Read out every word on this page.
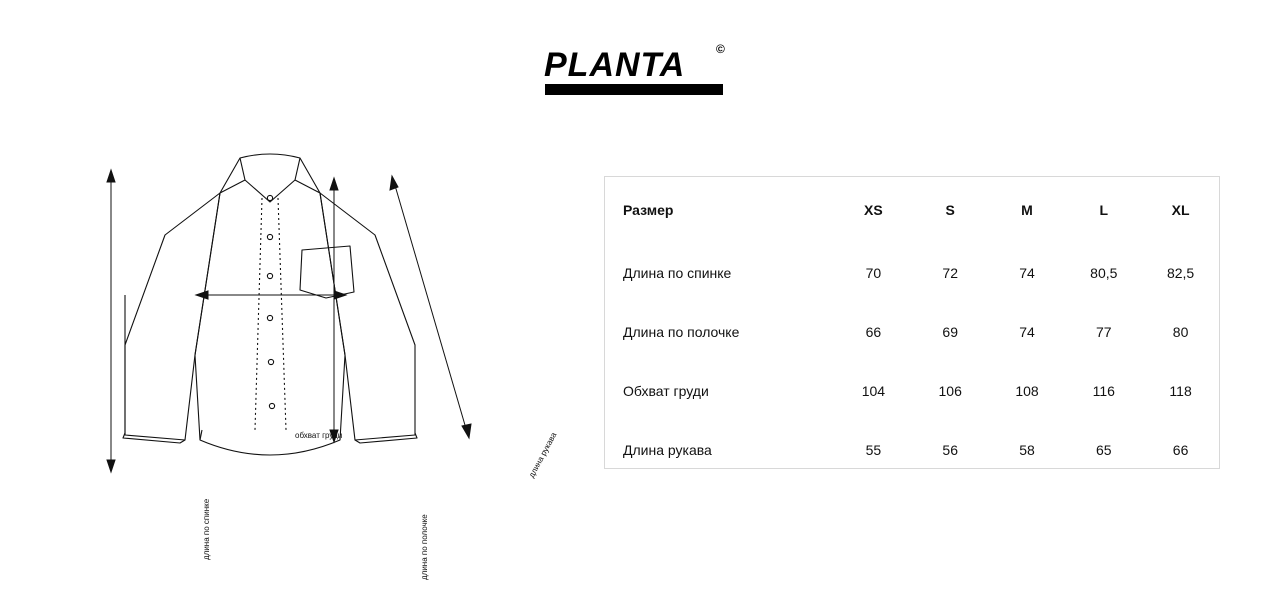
PLANTA	©
длина по спинке	длина по полочке
длина рукава
обхват груди
Размер	XS	S	M	L	XL
Длина по спинке	70	72	74	80,5	82,5
Длина по полочке	66	69	74	77	80
Обхват груди	104	106	108	116	118
Длина рукава	55	56	58	65	66
